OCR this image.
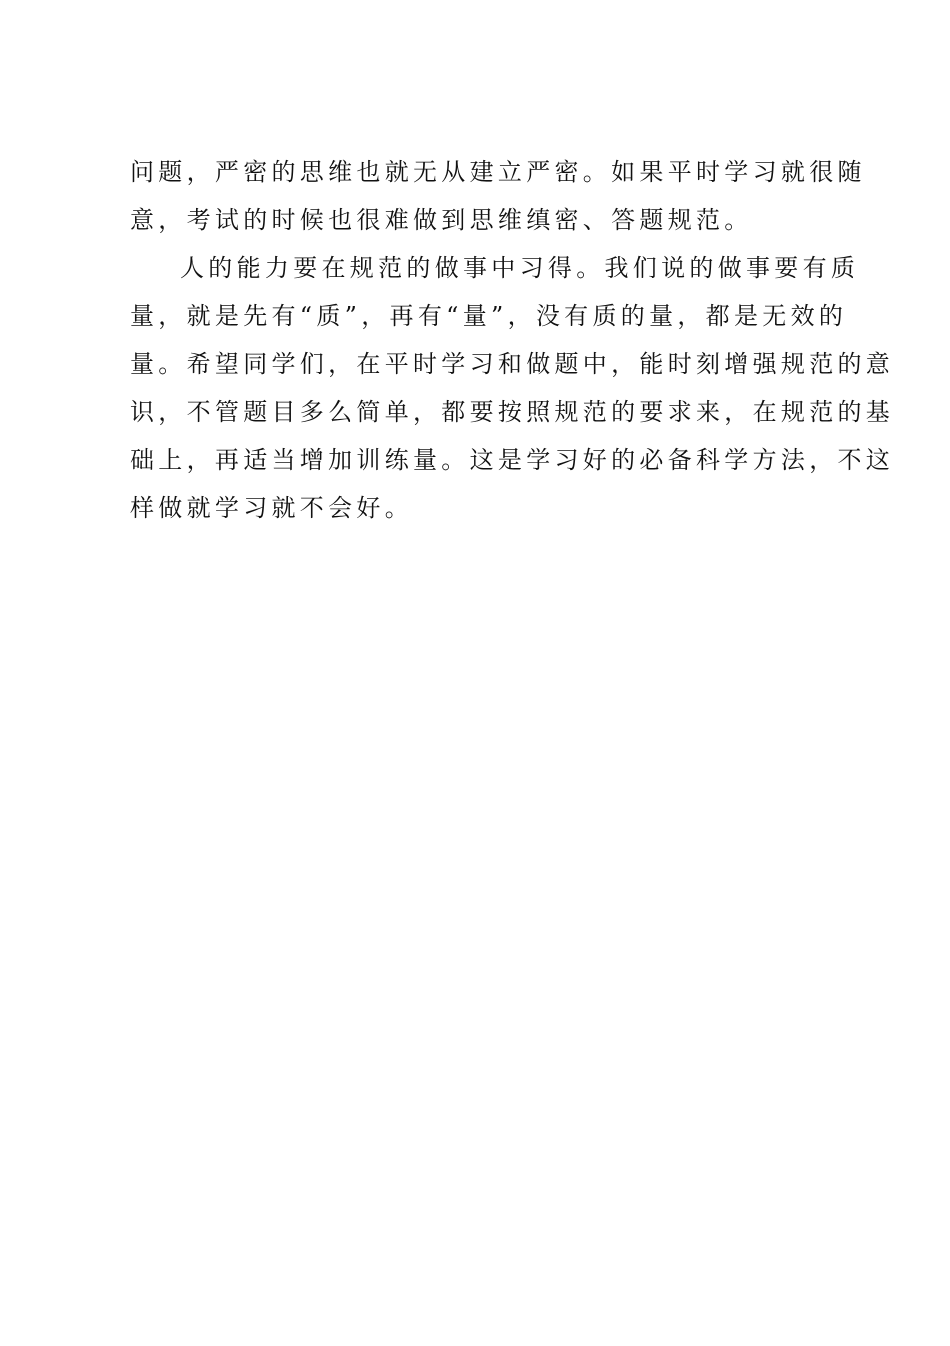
问题，严密的思维也就无从建立严密。如果平时学习就很随
意，考试的时候也很难做到思维缜密、答题规范。
人的能力要在规范的做事中习得。我们说的做事要有质
量，就是先有“质”，再有“量”，没有质的量，都是无效的
量。希望同学们，在平时学习和做题中，能时刻增强规范的意
识，不管题目多么简单，都要按照规范的要求来，在规范的基
础上，再适当增加训练量。这是学习好的必备科学方法，不这
样做就学习就不会好。
